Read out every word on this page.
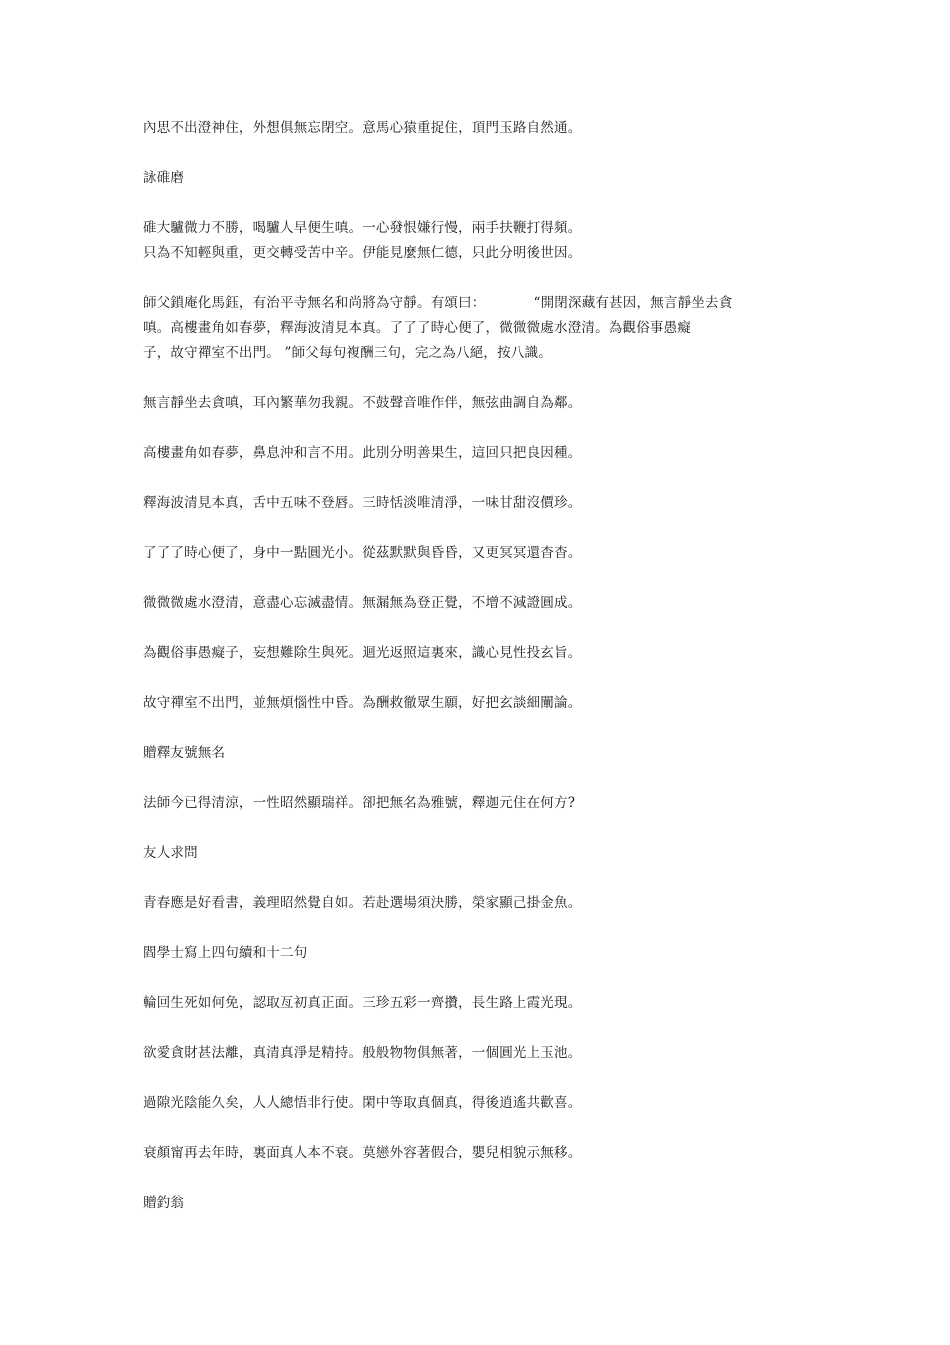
內思不出澄神住，外想俱無忘閉空。意馬心猿重捉住，頂門玉路自然通。

詠碓磨

碓大驢微力不勝，喝驢人早便生嗔。一心發恨嫌行慢，兩手扶鞭打得頻。
只為不知輕與重，更交轉受苦中辛。伊能見麼無仁德，只此分明後世因。

師父鎖庵化馬鈺，有治平寺無名和尚將為守靜。有頌曰：	“開閉深藏有甚因，無言靜坐去貪
嗔。高樓畫角如春夢，釋海波清見本真。了了了時心便了，微微微處水澄清。為觀俗事愚癡
子，故守禪室不出門。 ”師父每句複酬三句，完之為八絕，按八識。

無言靜坐去貪嗔，耳內繁華勿我親。不鼓聲音唯作伴，無弦曲調自為鄰。

高樓畫角如春夢，鼻息沖和言不用。此別分明善果生，這回只把良因種。

釋海波清見本真，舌中五味不登唇。三時恬淡唯清淨，一味甘甜沒價珍。

了了了時心便了，身中一點圓光小。從茲默默與昏昏，又更冥冥還杳杳。

微微微處水澄清，意盡心忘滅盡情。無漏無為登正覺，不增不減證圓成。

為觀俗事愚癡子，妄想難除生與死。迴光返照這裏來，識心見性投玄旨。

故守禪室不出門，並無煩惱性中昏。為酬救徹眾生願，好把玄談細闡論。

贈釋友號無名

法師今已得清涼，一性昭然顯瑞祥。卻把無名為雅號，釋迦元住在何方?

友人求問

青春應是好看書，義理昭然覺自如。若赴選場須決勝，榮家顯己掛金魚。

閻學士寫上四句續和十二句

輪回生死如何免，認取亙初真正面。三珍五彩一齊攢，長生路上霞光現。

欲愛貪財甚法離，真清真淨是精持。般般物物俱無著，一個圓光上玉池。

過隙光陰能久矣，人人總悟非行使。閑中等取真個真，得後逍遙共歡喜。

衰顏甯再去年時，裏面真人本不衰。莫戀外容著假合，嬰兒相貌示無移。

贈釣翁
